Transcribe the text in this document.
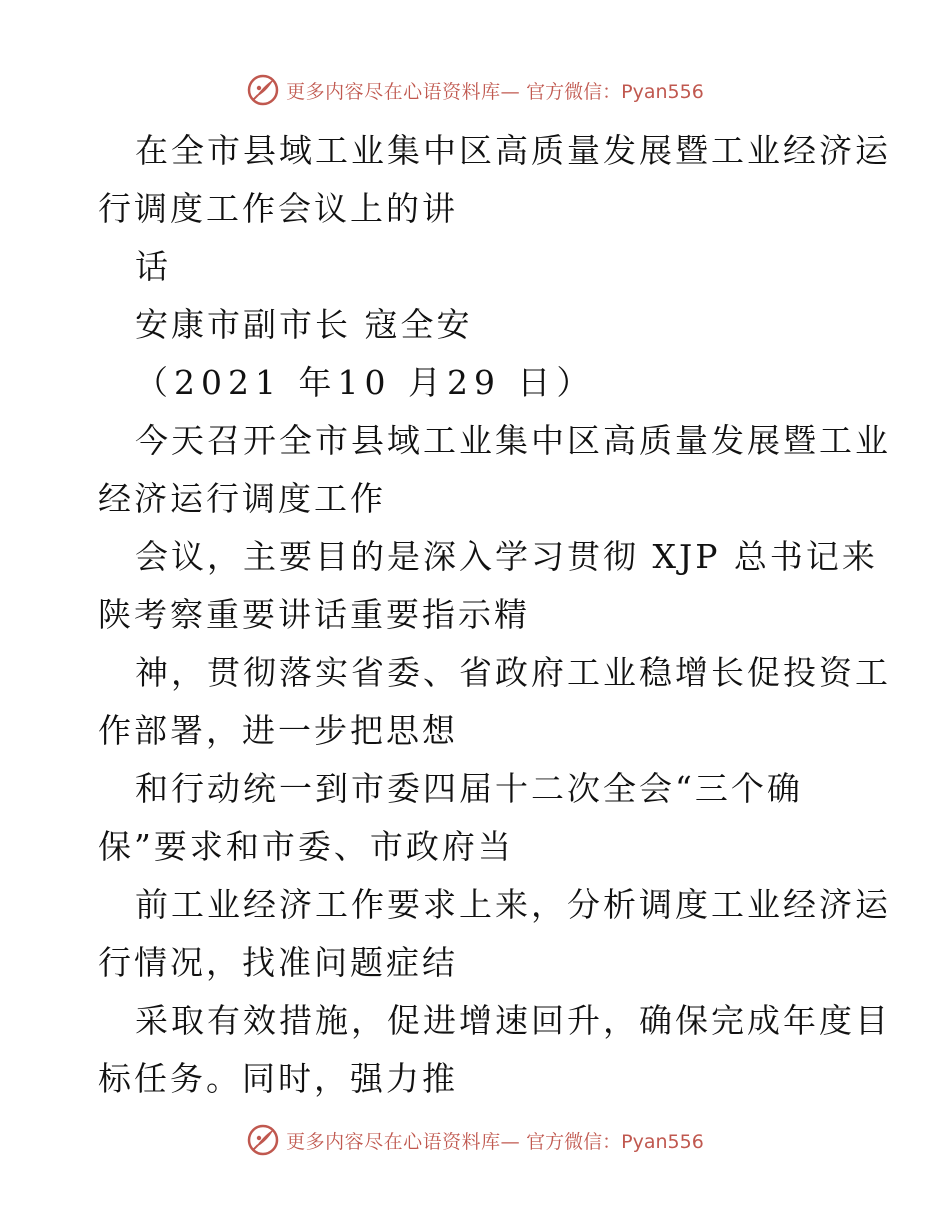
更多内容尽在心语资料库— 官方微信：Pyan556
在全市县域工业集中区高质量发展暨工业经济运
行调度工作会议上的讲
话
安康市副市长 寇全安
（2021 年10 月29 日）
今天召开全市县域工业集中区高质量发展暨工业
经济运行调度工作
会议，主要目的是深入学习贯彻 XJP 总书记来
陕考察重要讲话重要指示精
神，贯彻落实省委、省政府工业稳增长促投资工
作部署，进一步把思想
和行动统一到市委四届十二次全会“三个确
保”要求和市委、市政府当
前工业经济工作要求上来，分析调度工业经济运
行情况，找准问题症结
采取有效措施，促进增速回升，确保完成年度目
标任务。同时，强力推
更多内容尽在心语资料库— 官方微信：Pyan556
